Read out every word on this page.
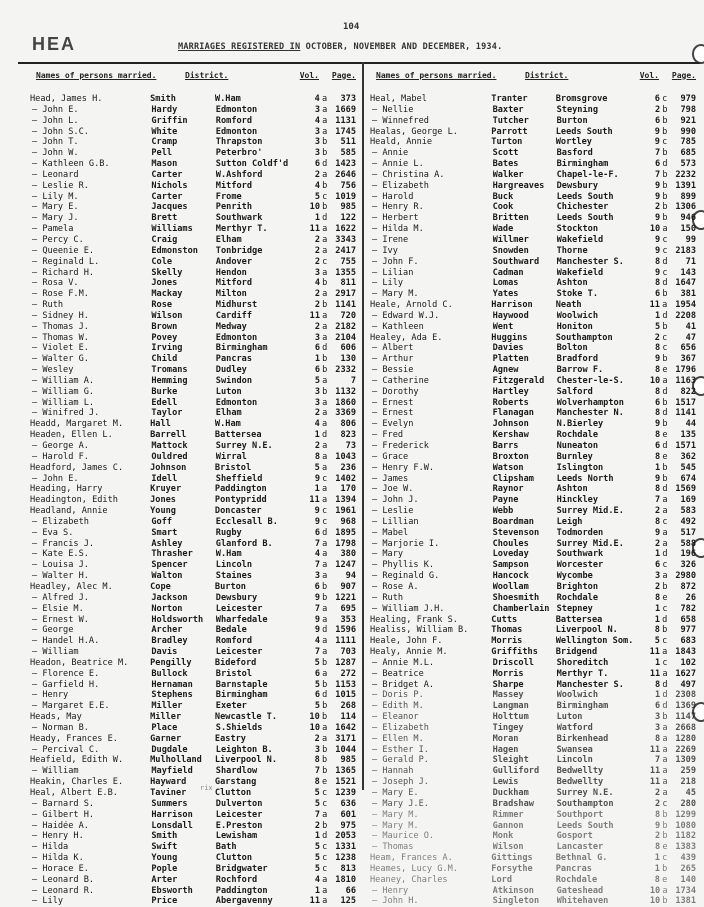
104
HEA	MARRIAGES REGISTERED IN OCTOBER, NOVEMBER AND DECEMBER, 1934.
Names of persons married.	District.	Vol.	Page.
Head, James H.	Smith	W.Ham	4 a	373
— John E.	Hardy	Edmonton	3 a 1669
— John L.	Griffin	Romford	4 a 1131
— John S.C.	White	Edmonton	3 a 1745
— John T.	Cramp	Thrapston	3 b	511
— John W.	Pell	Peterbro'	3 b	585
— Kathleen G.B.	Mason	Sutton Coldf'd	6 d 1423
— Leonard	Carter	W.Ashford	2 a 2646
— Leslie R.	Nichols	Mitford	4 b	756
— Lily M.	Carter	Frome	5 c 1019
— Mary E.	Jacques	Penrith	10 b	985
— Mary J.	Brett	Southwark	1 d	122
— Pamela	Williams	Merthyr T.	11 a 1622
— Percy C.	Craig	Elham	2 a 3343
— Queenie E.	Edmonston	Tonbridge	2 a 2417
— Reginald L.	Cole	Andover	2 c	755
— Richard H.	Skelly	Hendon	3 a 1355
— Rosa V.	Jones	Mitford	4 b	811
— Rose F.M.	Mackay	Milton	2 a 2917
— Ruth	Rose	Midhurst	2 b 1141
— Sidney H.	Wilson	Cardiff	11 a	720
— Thomas J.	Brown	Medway	2 a 2182
— Thomas W.	Povey	Edmonton	3 a 2104
— Violet E.	Irving	Birmingham	6 d	606
— Walter G.	Child	Pancras	1 b	130
— Wesley	Tromans	Dudley	6 b 2332
— William A.	Hemming	Swindon	5 a	7
— William G.	Burke	Luton	3 b 1132
— William L.	Edell	Edmonton	3 a 1860
— Winifred J.	Taylor	Elham	2 a 3369
Headd, Margaret M.	Hall	W.Ham	4 a	806
Headen, Ellen L.	Barrell	Battersea	1 d	823
— George A.	Mattock	Surrey N.E.	2 a	73
— Harold F.	Ouldred	Wirral	8 a 1043
Headford, James C.	Johnson	Bristol	5 a	236
— John E.	Idell	Sheffield	9 c 1402
Heading, Harry	Kruyer	Paddington	1 a	170
Headington, Edith	Jones	Pontypridd	11 a 1394
Headland, Annie	Young	Doncaster	9 c 1961
— Elizabeth	Goff	Ecclesall B.	9 c	968
— Eva S.	Smart	Rugby	6 d 1895
— Francis J.	Ashley	Glanford B.	7 a 1798
— Kate E.S.	Thrasher	W.Ham	4 a	380
— Louisa J.	Spencer	Lincoln	7 a 1247
— Walter H.	Walton	Staines	3 a	94
Headley, Alec M.	Cope	Burton	6 b	907
— Alfred J.	Jackson	Dewsbury	9 b 1221
— Elsie M.	Norton	Leicester	7 a	695
— Ernest W.	Holdsworth	Wharfedale	9 a	353
— George	Archer	Bedale	9 d 1596
— Handel H.A.	Bradley	Romford	4 a 1111
— William	Davis	Leicester	7 a	703
Headon, Beatrice M.	Pengilly	Bideford	5 b 1287
— Florence E.	Bullock	Bristol	6 a	272
— Garfield H.	Hernaman	Barnstaple	5 b 1153
— Henry	Stephens	Birmingham	6 d 1015
— Margaret E.E.	Miller	Exeter	5 b	268
Heads, May	Miller	Newcastle T.	10 b	114
— Norman B.	Place	S.Shields	10 a 1642
Heady, Frances E.	Garner	Eastry	2 a 3171
— Percival C.	Dugdale	Leighton B.	3 b 1044
Heafield, Edith W.	Mulholland	Liverpool N.	8 b	985
— William	Mayfield	Shardlow	7 b 1365
Heakin, Charles E.	Hayward	Garstang	8 e 1521
Heal, Albert E.B.	Taviner	Clutton	5 c 1239
— Barnard S.	Summers	Dulverton	5 c	636
— Gilbert H.	Harrison	Leicester	7 a	601
— Haidée A.	Lonsdall	E.Preston	2 b	975
— Henry H.	Smith	Lewisham	1 d 2053
— Hilda	Swift	Bath	5 c 1331
— Hilda K.	Young	Clutton	5 c 1238
— Horace E.	Pople	Bridgwater	5 c	813
— Leonard B.	Arter	Rochford	4 a 1810
— Leonard R.	Ebsworth	Paddington	1 a	66
— Lily	Price	Abergavenny	11 a	125
Names of persons married.	District.	Vol.	Page.
Heal, Mabel	Tranter	Bromsgrove	6 c	979
— Nellie	Baxter	Steyning	2 b	798
— Winnefred	Tutcher	Burton	6 b	921
Healas, George L.	Parrott	Leeds South	9 b	990
Heald, Annie	Turton	Wortley	9 c	785
— Annie	Scott	Basford	7 b	685
— Annie L.	Bates	Birmingham	6 d	573
— Christina A.	Walker	Chapel-le-F.	7 b 2232
— Elizabeth	Hargreaves	Dewsbury	9 b 1391
— Harold	Buck	Leeds South	9 b	899
— Henry R.	Cook	Chichester	2 b 1306
— Herbert	Britten	Leeds South	9 b	946
— Hilda M.	Wade	Stockton	10 a	150
— Irene	Willmer	Wakefield	9 c	99
— Ivy	Snowden	Thorne	9 c 2183
— John F.	Southward	Manchester S.	8 d	71
— Lilian	Cadman	Wakefield	9 c	143
— Lily	Lomas	Ashton	8 d 1647
— Mary M.	Yates	Stoke T.	6 b	381
Heale, Arnold C.	Harrison	Neath	11 a 1954
— Edward W.J.	Haywood	Woolwich	1 d 2208
— Kathleen	Went	Honiton	5 b	41
Healey, Ada E.	Huggins	Southampton	2 c	47
— Albert	Davies	Bolton	8 c	656
— Arthur	Platten	Bradford	9 b	367
— Bessie	Agnew	Barrow F.	8 e 1796
— Catherine	Fitzgerald	Chester-le-S.	10 a 1163
— Dorothy	Hartley	Salford	8 d	822
— Ernest	Roberts	Wolverhampton	6 b 1517
— Ernest	Flanagan	Manchester N.	8 d 1141
— Evelyn	Johnson	N.Bierley	9 b	44
— Fred	Kershaw	Rochdale	8 e	135
— Frederick	Barrs	Nuneaton	6 d 1571
— Grace	Broxton	Burnley	8 e	362
— Henry F.W.	Watson	Islington	1 b	545
— James	Clipsham	Leeds North	9 b	674
— Joe W.	Raynor	Ashton	8 d 1569
— John J.	Payne	Hinckley	7 a	169
— Leslie	Webb	Surrey Mid.E.	2 a	583
— Lillian	Boardman	Leigh	8 c	492
— Mabel	Stevenson	Todmorden	9 a	517
— Marjorie I.	Choules	Surrey Mid.E.	2 a	588
— Mary	Loveday	Southwark	1 d	196
— Phyllis K.	Sampson	Worcester	6 c	326
— Reginald G.	Hancock	Wycombe	3 a 2980
— Rose A.	Woollam	Brighton	2 b	872
— Ruth	Shoesmith	Rochdale	8 e	26
— William J.H.	Chamberlain Stepney	1 c	782
Healing, Frank S.	Cutts	Battersea	1 d	658
Healiss, William B.	Thomas	Liverpool N.	8 b	977
Heale, John F.	Morris	Wellington Som.	5 c	683
Healy, Annie M.	Griffiths	Bridgend	11 a 1843
— Annie M.L.	Driscoll	Shoreditch	1 c	102
— Beatrice	Morris	Merthyr T.	11 a 1627
— Bridget A.	Sharpe	Manchester S.	8 d	497
— Doris P.	Massey	Woolwich	1 d 2308
— Edith M.	Langman	Birmingham	6 d 1369
— Eleanor	Holttum	Luton	3 b 1147
— Elizabeth	Tingey	Watford	3 a 2668
— Ellen M.	Moran	Birkenhead	8 a 1280
— Esther I.	Hagen	Swansea	11 a 2269
— Gerald P.	Sleight	Lincoln	7 a 1309
— Hannah	Gulliford	Bedwellty	11 a	259
— Joseph J.	Lewis	Bedwellty	11 a	218
— Mary E.	Duckham	Surrey N.E.	2 a	45
— Mary J.E.	Bradshaw	Southampton	2 c	280
— Mary M.	Rimmer	Southport	8 b 1299
— Mary M.	Gannon	Leeds South	9 b 1080
— Maurice O.	Monk	Gosport	2 b 1182
— Thomas	Wilson	Lancaster	8 e 1383
Heam, Frances A.	Gittings	Bethnal G.	1 c	439
Heames, Lucy G.M.	Forsythe	Pancras	1 b	265
Heaney, Charles	Lord	Rochdale	8 e	140
— Henry	Atkinson	Gateshead	10 a 1734
— John H.	Singleton	Whitehaven	10 b 1381
rix
